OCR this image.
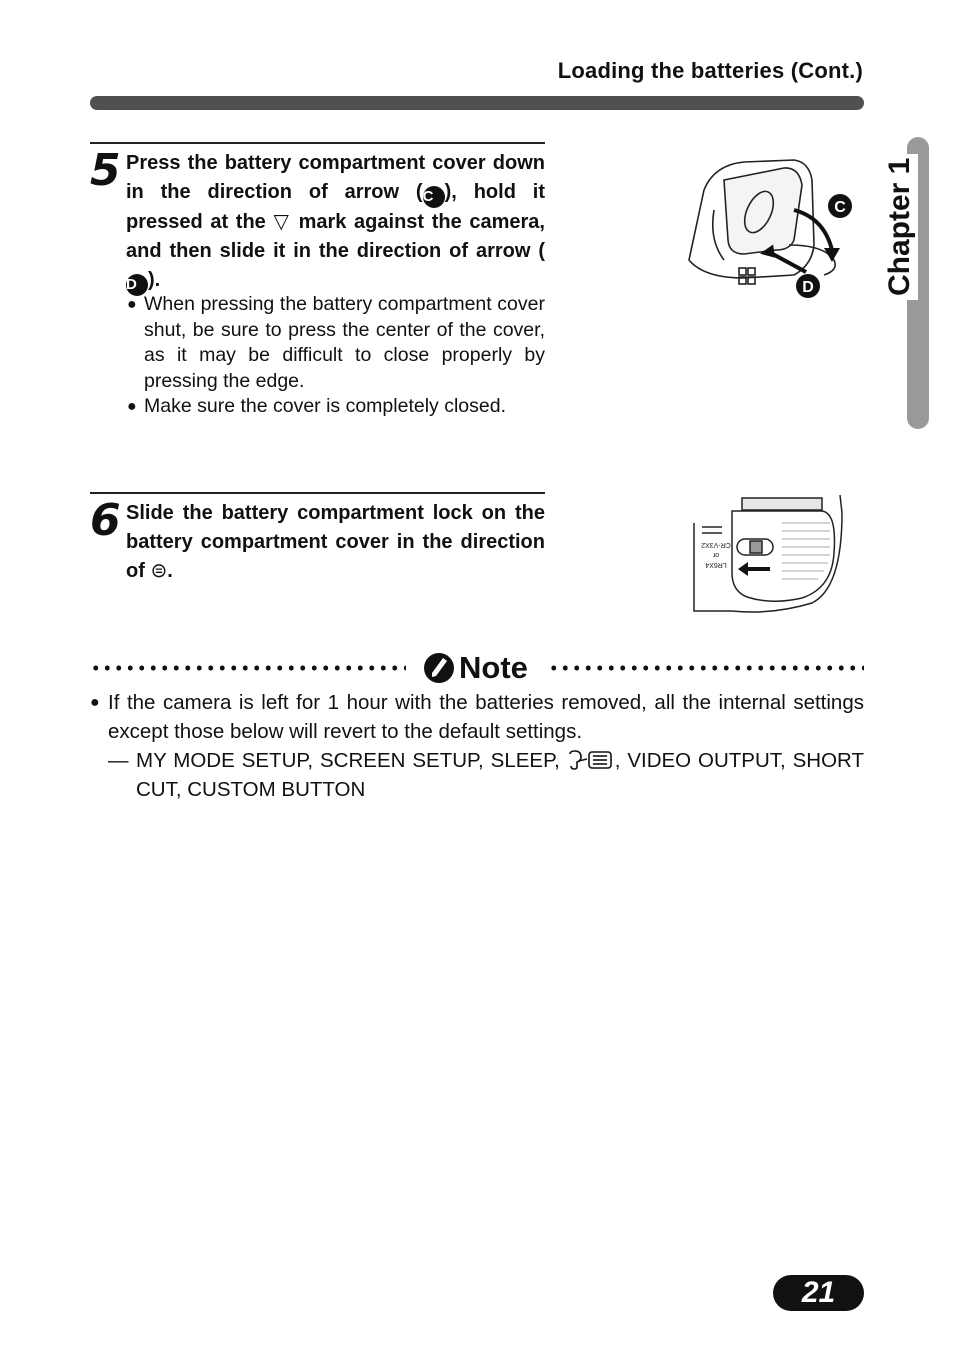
Loading the batteries (Cont.)
Chapter 1
5 Press the battery compartment cover down in the direction of arrow (C ), hold it pressed at the ▽ mark against the camera, and then slide it in the direction of arrow (D ).
● When pressing the battery compartment cover shut, be sure to press the center of the cover, as it may be difficult to close properly by pressing the edge.
● Make sure the cover is completely closed.
C
D
6 Slide the battery compartment lock on the battery compartment cover in the direction of ⊜.
CR-V3X2
or
LR6X4
Note

● If the camera is left for 1 hour with the batteries removed, all the internal settings except those below will revert to the default settings.

— MY MODE SETUP, SCREEN SETUP, SLEEP, , VIDEO OUTPUT, SHORT CUT, CUSTOM BUTTON

21
